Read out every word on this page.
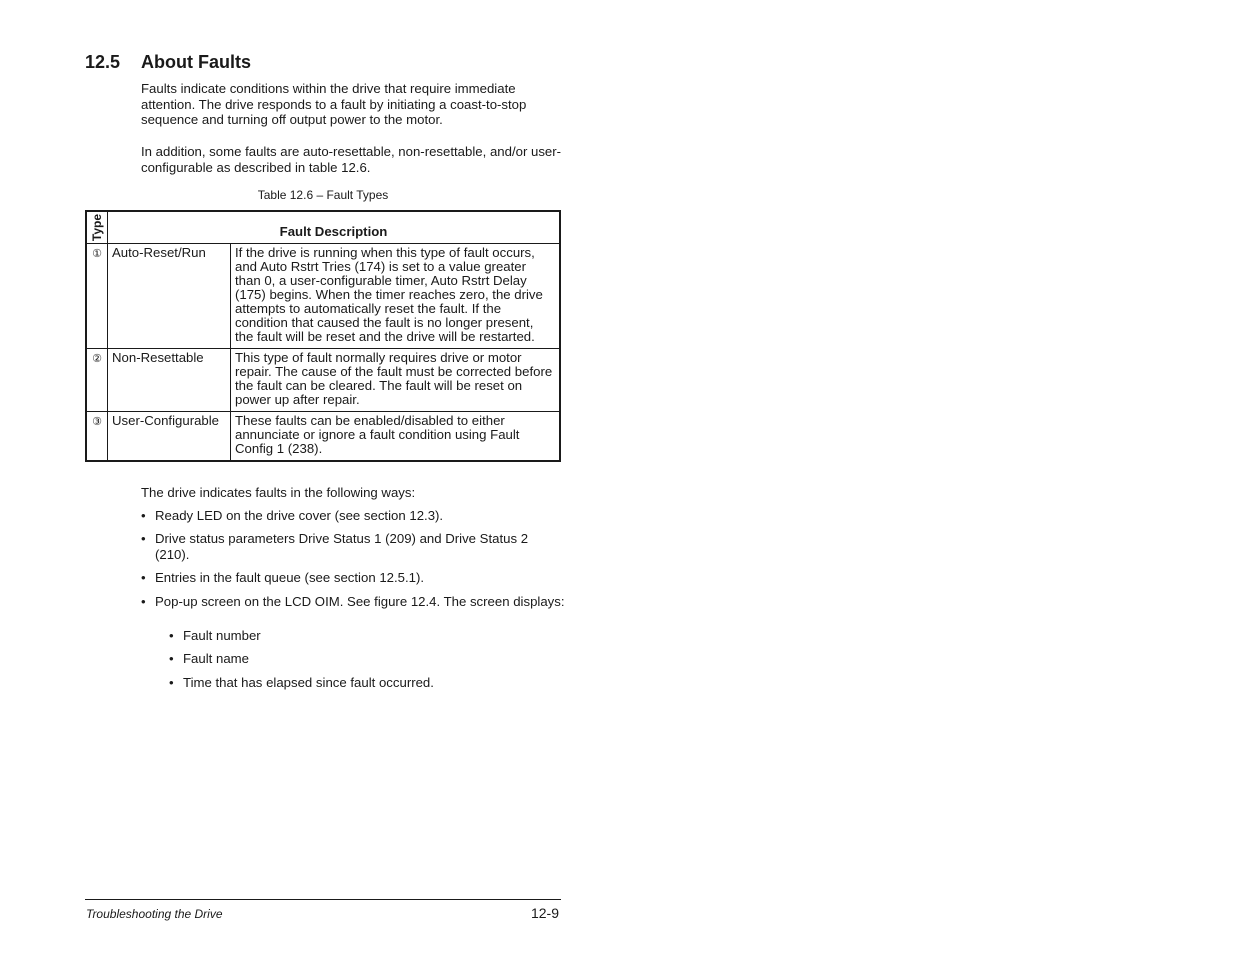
12.5 About Faults

Faults indicate conditions within the drive that require immediate attention. The drive responds to a fault by initiating a coast-to-stop sequence and turning off output power to the motor.

In addition, some faults are auto-resettable, non-resettable, and/or user-configurable as described in table 12.6.

Table 12.6 – Fault Types

Type	Fault Description	
①	Auto-Reset/Run	If the drive is running when this type of fault occurs, and Auto Rstrt Tries (174) is set to a value greater than 0, a user-configurable timer, Auto Rstrt Delay (175) begins. When the timer reaches zero, the drive attempts to automatically reset the fault. If the condition that caused the fault is no longer present, the fault will be reset and the drive will be restarted.
②	Non-Resettable	This type of fault normally requires drive or motor repair. The cause of the fault must be corrected before the fault can be cleared. The fault will be reset on power up after repair.
③	User-Configurable	These faults can be enabled/disabled to either annunciate or ignore a fault condition using Fault Config 1 (238).

The drive indicates faults in the following ways:

• Ready LED on the drive cover (see section 12.3).
• Drive status parameters Drive Status 1 (209) and Drive Status 2 (210).
• Entries in the fault queue (see section 12.5.1).
• Pop-up screen on the LCD OIM. See figure 12.4. The screen displays:
• Fault number
• Fault name
• Time that has elapsed since fault occurred.

Troubleshooting the Drive	12-9
